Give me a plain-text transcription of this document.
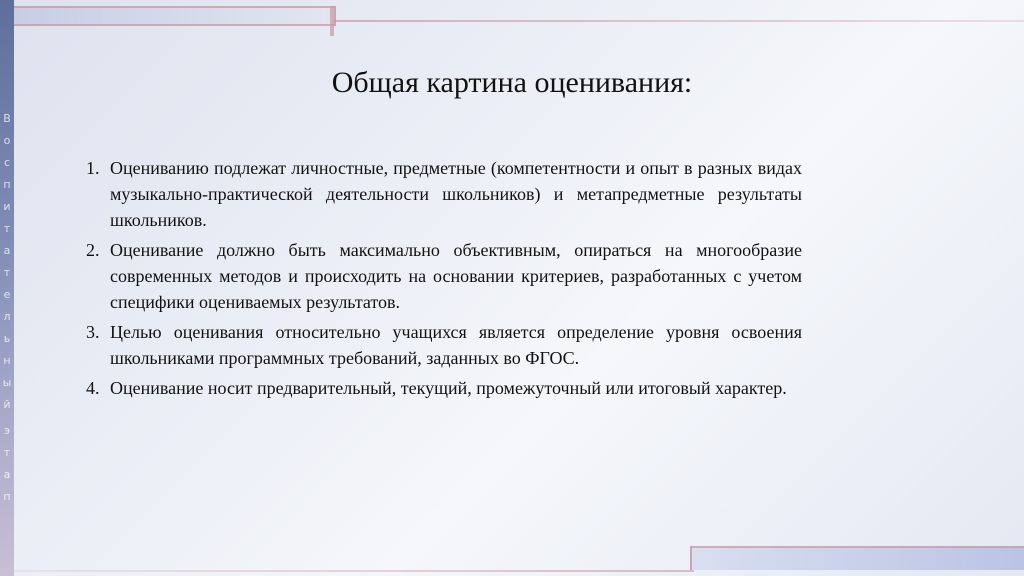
В
о
с
п
и
т
а
т
е
л
ь
н
ы
й
э
т
а
п
Общая картина оценивания:
1. Оцениванию подлежат личностные, предметные (компетентности и опыт в разных видах музыкально-практической деятельности школьников) и метапредметные результаты школьников.
2. Оценивание должно быть максимально объективным, опираться на многообразие современных методов и происходить на основании критериев, разработанных с учетом специфики оцениваемых результатов.
3. Целью оценивания относительно учащихся является определение уровня освоения школьниками программных требований, заданных во ФГОС.
4. Оценивание носит предварительный, текущий, промежуточный или итоговый характер.
